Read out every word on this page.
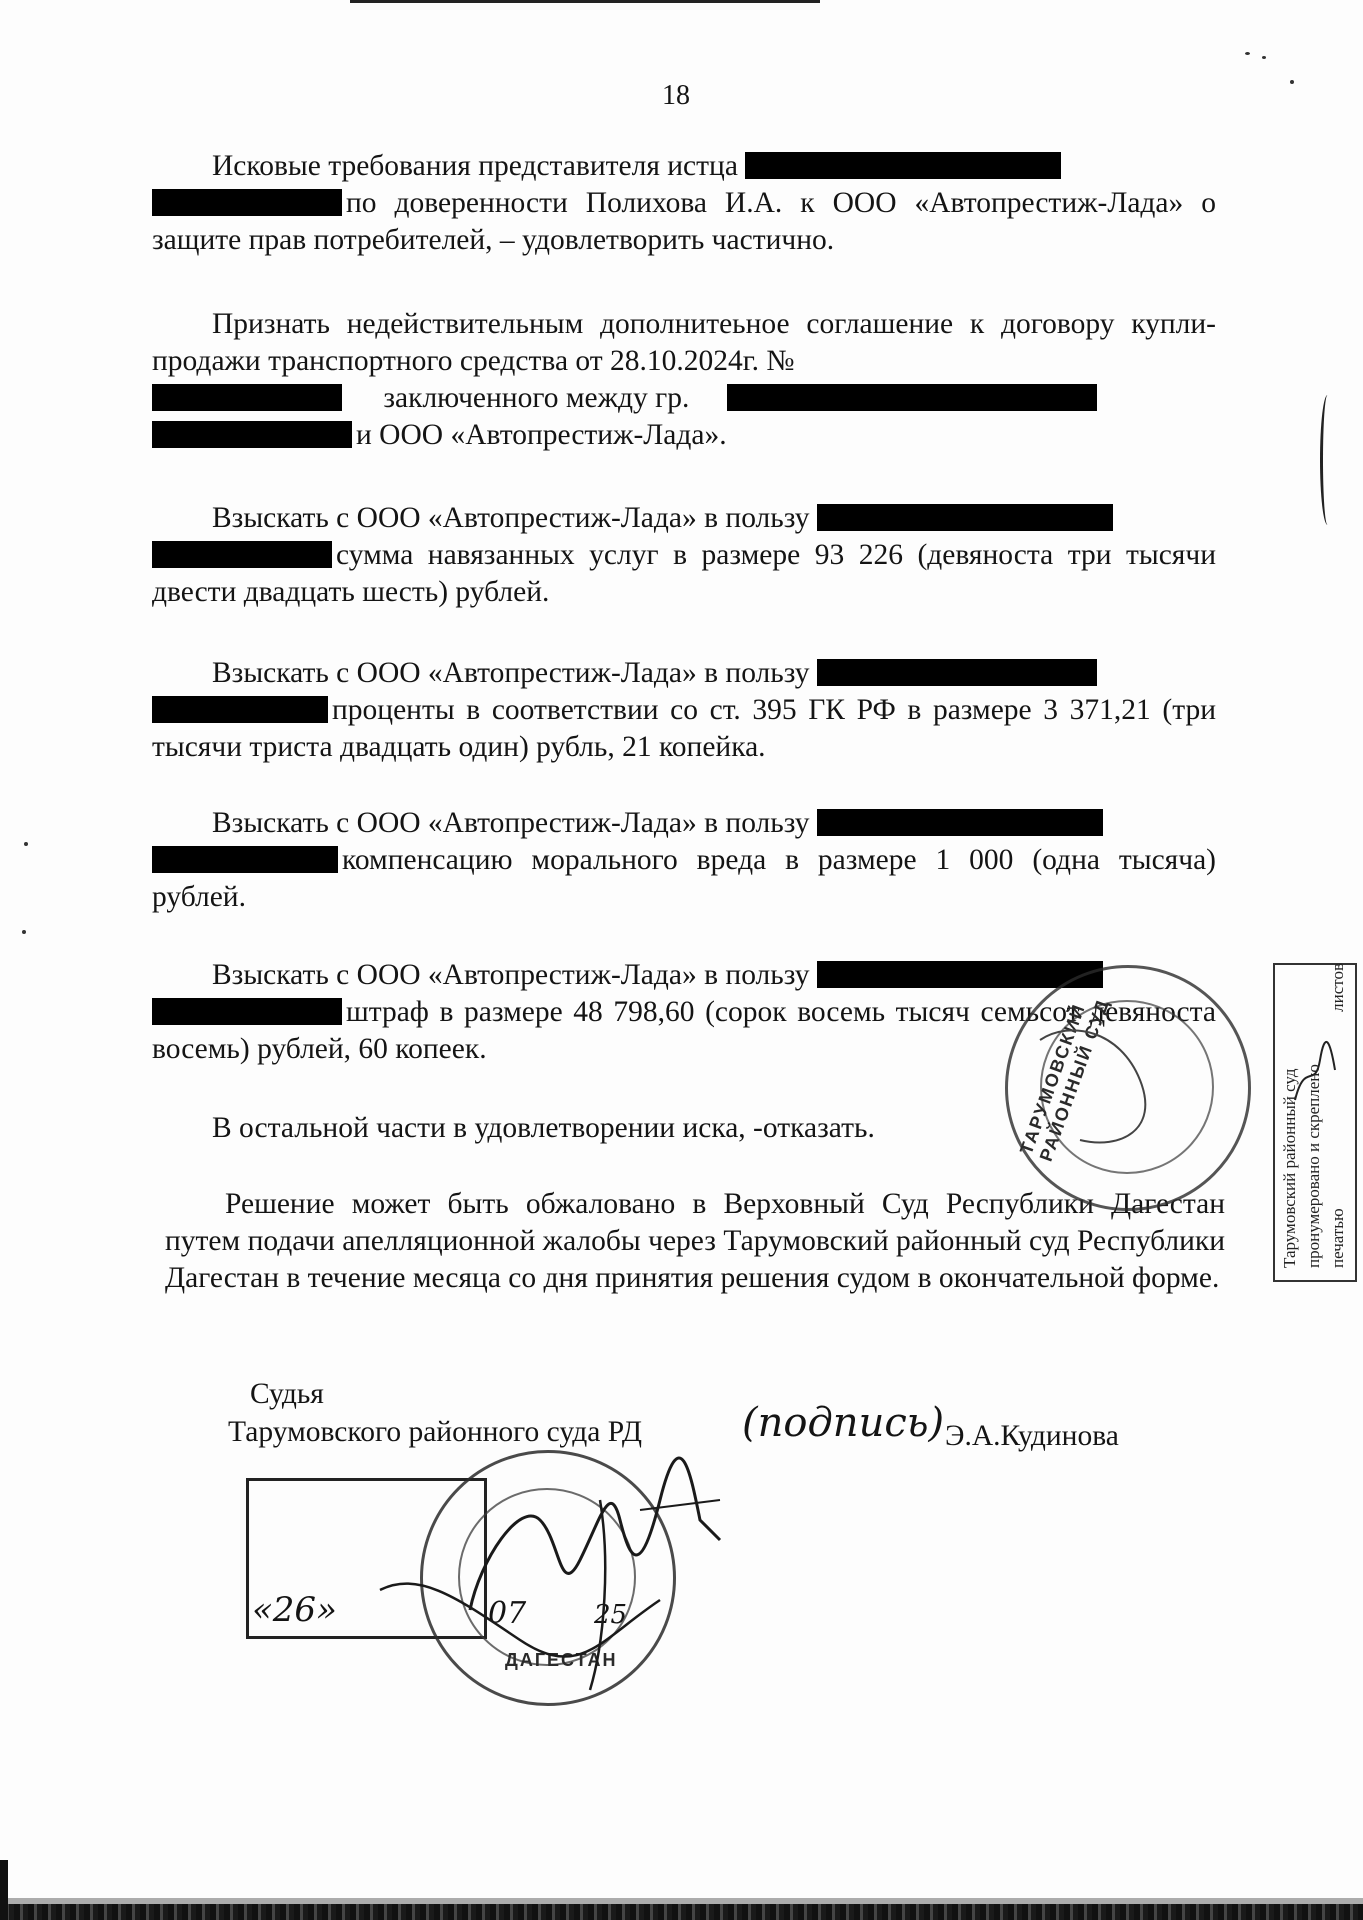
18
Исковые требования представителя истца
по доверенности Полихова И.А. к ООО «Автопрестиж-Лада» о защите прав потребителей, – удовлетворить частично.
Признать недействительным дополнитеьное соглашение к договору купли-продажи транспортного средства от 28.10.2024г. №
заключенного между гр.
и ООО «Автопрестиж-Лада».
Взыскать с ООО «Автопрестиж-Лада» в пользу
сумма навязанных услуг в размере 93 226 (девяноста три тысячи двести двадцать шесть) рублей.
Взыскать с ООО «Автопрестиж-Лада» в пользу
проценты в соответствии со ст. 395 ГК РФ в размере 3 371,21 (три тысячи триста двадцать один) рубль, 21 копейка.
Взыскать с ООО «Автопрестиж-Лада» в пользу
компенсацию морального вреда в размере 1 000 (одна тысяча) рублей.
Взыскать с ООО «Автопрестиж-Лада» в пользу
штраф в размере 48 798,60 (сорок восемь тысяч семьсот девяноста восемь) рублей, 60 копеек.
В остальной части в удовлетворении иска, -отказать.
Решение может быть обжаловано в Верховный Суд Республики Дагестан путем подачи апелляционной жалобы через Тарумовский районный суд Республики Дагестан в течение месяца со дня принятия решения судом в окончательной форме.
Судья
Тарумовского районного суда РД (подпись) Э.А.Кудинова
Тарумовский районный суд пронумеровано и скреплено печатью
листов
ТАРУМОВСКИЙ РАЙОННЫЙ СУД
«26»	07	25
ДАГЕСТАН
